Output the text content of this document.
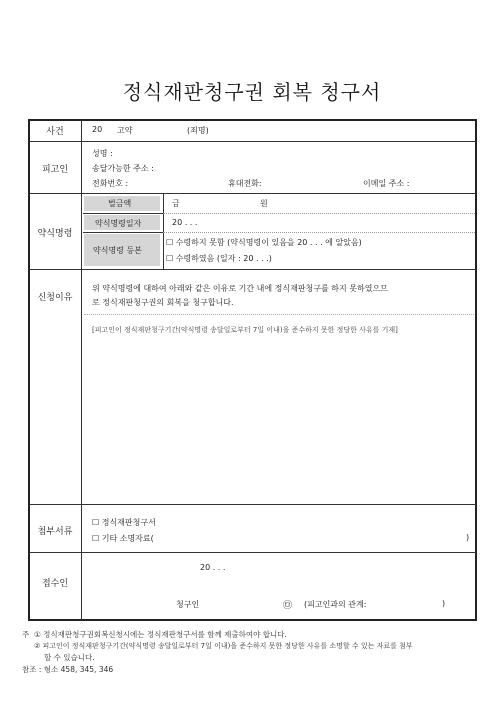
정식재판청구권 회복 청구서
사건	20 고약	(죄명)
피고인
성명 :
송달가능한 주소 :
전화번호 :	휴대전화:	이메일 주소 :
약식명령
벌금액	금	원
약식명령일자	20 . . .
약식명령 등본
☐ 수령하지 못함 (약식명령이 있음을 20 . . . 에 알았음)
☐ 수령하였음 (일자 : 20 . . .)
신청이유
위 약식명령에 대하여 아래와 같은 이유로 기간 내에 정식재판청구를 하지 못하였으므
로 정식재판청구권의 회복을 청구합니다.
[피고인이 정식재판청구기간(약식명령 송달일로부터 7일 이내)을 준수하지 못한 정당한 사유를 기재]
첨부서류
☐ 정식재판청구서
☐ 기타 소명자료(	)
접수인
20 . . .
청구인	㉤ (피고인과의 관계:	)
주 ① 정식재판청구권회복신청시에는 정식재판청구서를 함께 제출하여야 합니다.
② 피고인이 정식재판청구기간(약식명령 송달일로부터 7일 이내)을 준수하지 못한 정당한 사유를 소명할 수 있는 자료를 첨부
할 수 있습니다.
참조 : 형소 458, 345, 346
